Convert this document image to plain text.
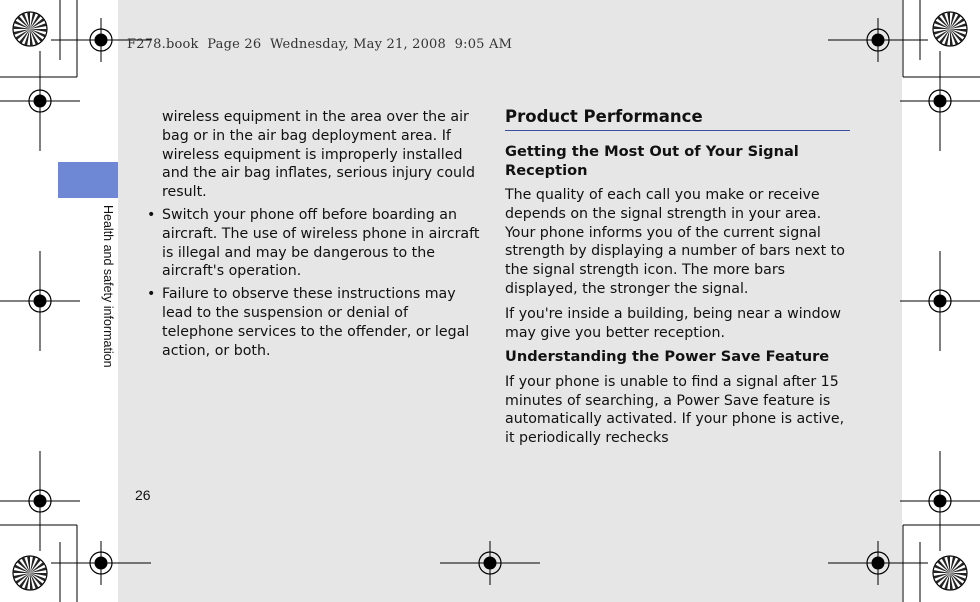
F278.book  Page 26  Wednesday, May 21, 2008  9:05 AM
Health and safety information

wireless equipment in the area over the air bag or in the air bag deployment area. If wireless equipment is improperly installed and the air bag inflates, serious injury could result.

• Switch your phone off before boarding an aircraft. The use of wireless phone in aircraft is illegal and may be dangerous to the aircraft's operation.

• Failure to observe these instructions may lead to the suspension or denial of telephone services to the offender, or legal action, or both.

Product Performance

Getting the Most Out of Your Signal Reception

The quality of each call you make or receive depends on the signal strength in your area. Your phone informs you of the current signal strength by displaying a number of bars next to the signal strength icon. The more bars displayed, the stronger the signal.

If you're inside a building, being near a window may give you better reception.

Understanding the Power Save Feature

If your phone is unable to find a signal after 15 minutes of searching, a Power Save feature is automatically activated. If your phone is active, it periodically rechecks

26
